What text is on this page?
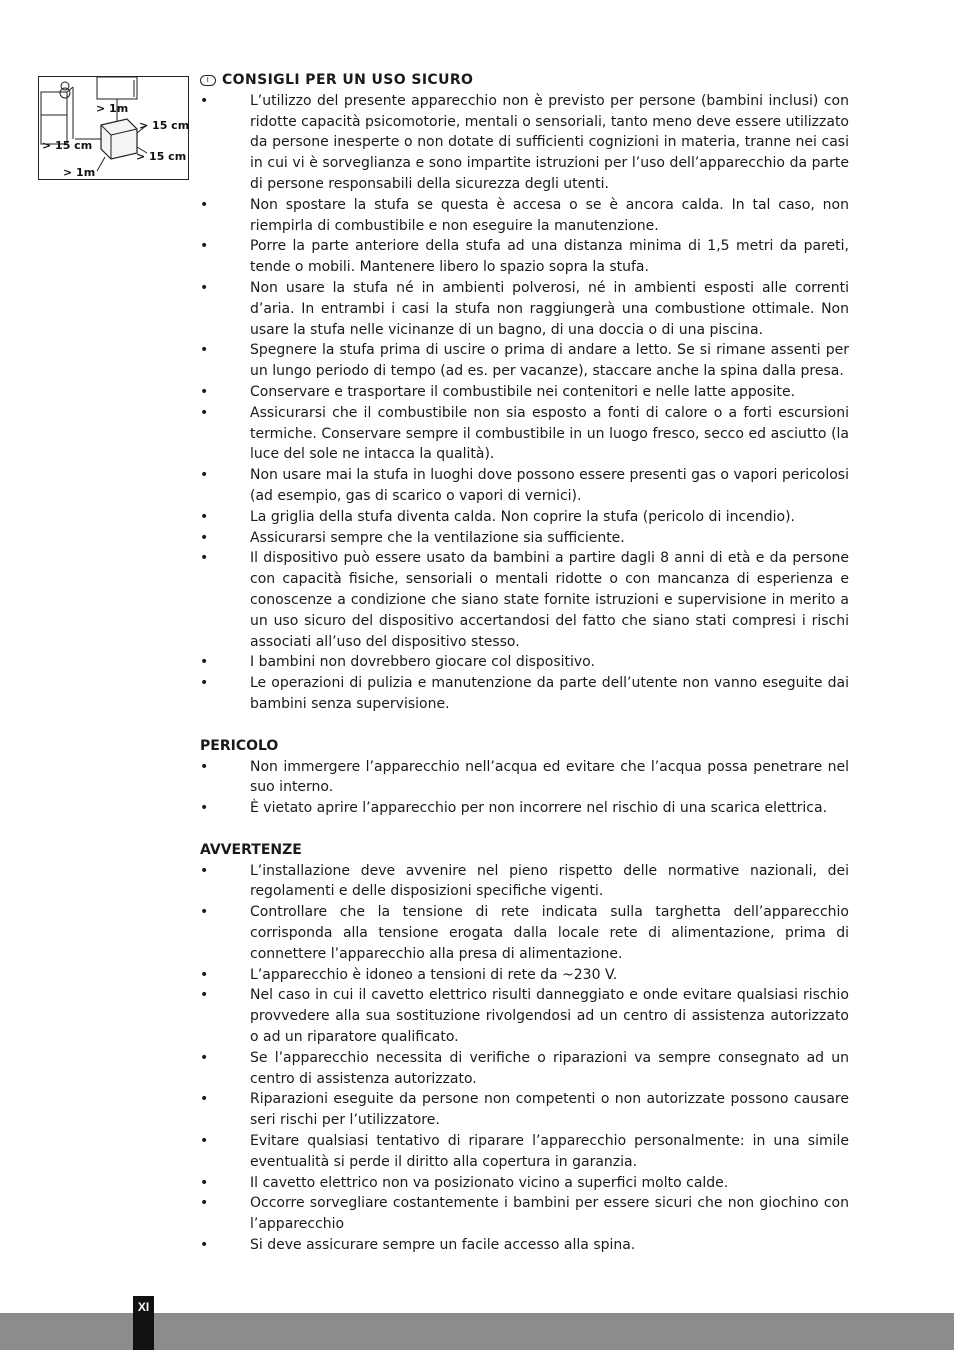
> 1m
> 15 cm
> 15 cm
> 15 cm
> 1m

I CONSIGLI PER UN USO SICURO

•	L’utilizzo del presente apparecchio non è previsto per persone (bambini inclusi) con ridotte capacità psicomotorie, mentali o sensoriali, tanto meno deve essere utilizzato da persone inesperte o non dotate di sufficienti cognizioni in materia, tranne nei casi in cui vi è sorveglianza e sono impartite istruzioni per l’uso dell’apparecchio da parte di persone responsabili della sicurezza degli utenti.
•	Non spostare la stufa se questa è accesa o se è ancora calda. In tal caso, non riempirla di combustibile e non eseguire la manutenzione.
•	Porre la parte anteriore della stufa ad una distanza minima di 1,5 metri da pareti, tende o mobili. Mantenere libero lo spazio sopra la stufa.
•	Non usare la stufa né in ambienti polverosi, né in ambienti esposti alle correnti d’aria. In entrambi i casi la stufa non raggiungerà una combustione ottimale. Non usare la stufa nelle vicinanze di un bagno, di una doccia o di una piscina.
•	Spegnere la stufa prima di uscire o prima di andare a letto. Se si rimane assenti per un lungo periodo di tempo (ad es. per vacanze), staccare anche la spina dalla presa.
•	Conservare e trasportare il combustibile nei contenitori e nelle latte apposite.
•	Assicurarsi che il combustibile non sia esposto a fonti di calore o a forti escursioni termiche. Conservare sempre il combustibile in un luogo fresco, secco ed asciutto (la luce del sole ne intacca la qualità).
•	Non usare mai la stufa in luoghi dove possono essere presenti gas o vapori pericolosi (ad esempio, gas di scarico o vapori di vernici).
•	La griglia della stufa diventa calda. Non coprire la stufa (pericolo di incendio).
•	Assicurarsi sempre che la ventilazione sia sufficiente.
•	Il dispositivo può essere usato da bambini a partire dagli 8 anni di età e da persone con capacità fisiche, sensoriali o mentali ridotte o con mancanza di esperienza e conoscenze a condizione che siano state fornite istruzioni e supervisione in merito a un uso sicuro del dispositivo accertandosi del fatto che siano stati compresi i rischi associati all’uso del dispositivo stesso.
•	I bambini non dovrebbero giocare col dispositivo.
•	Le operazioni di pulizia e manutenzione da parte dell’utente non vanno eseguite dai bambini senza supervisione.

PERICOLO

•	Non immergere l’apparecchio nell’acqua ed evitare che l’acqua possa penetrare nel suo interno.
•	È vietato aprire l’apparecchio per non incorrere nel rischio di una scarica elettrica.

AVVERTENZE

•	L’installazione deve avvenire nel pieno rispetto delle normative nazionali, dei regolamenti e delle disposizioni specifiche vigenti.
•	Controllare che la tensione di rete indicata sulla targhetta dell’apparecchio corrisponda alla tensione erogata dalla locale rete di alimentazione, prima di connettere l’apparecchio alla presa di alimentazione.
•	L’apparecchio è idoneo a tensioni di rete da ~230 V.
•	Nel caso in cui il cavetto elettrico risulti danneggiato e onde evitare qualsiasi rischio provvedere alla sua sostituzione rivolgendosi ad un centro di assistenza autorizzato o ad un riparatore qualificato.
•	Se l’apparecchio necessita di verifiche o riparazioni va sempre consegnato ad un centro di assistenza autorizzato.
•	Riparazioni eseguite da persone non competenti o non autorizzate possono causare seri rischi per l’utilizzatore.
•	Evitare qualsiasi tentativo di riparare l’apparecchio personalmente: in una simile eventualità si perde il diritto alla copertura in garanzia.
•	Il cavetto elettrico non va posizionato vicino a superfici molto calde.
•	Occorre sorvegliare costantemente i bambini per essere sicuri che non giochino con l’apparecchio
•	Si deve assicurare sempre un facile accesso alla spina.
XI
